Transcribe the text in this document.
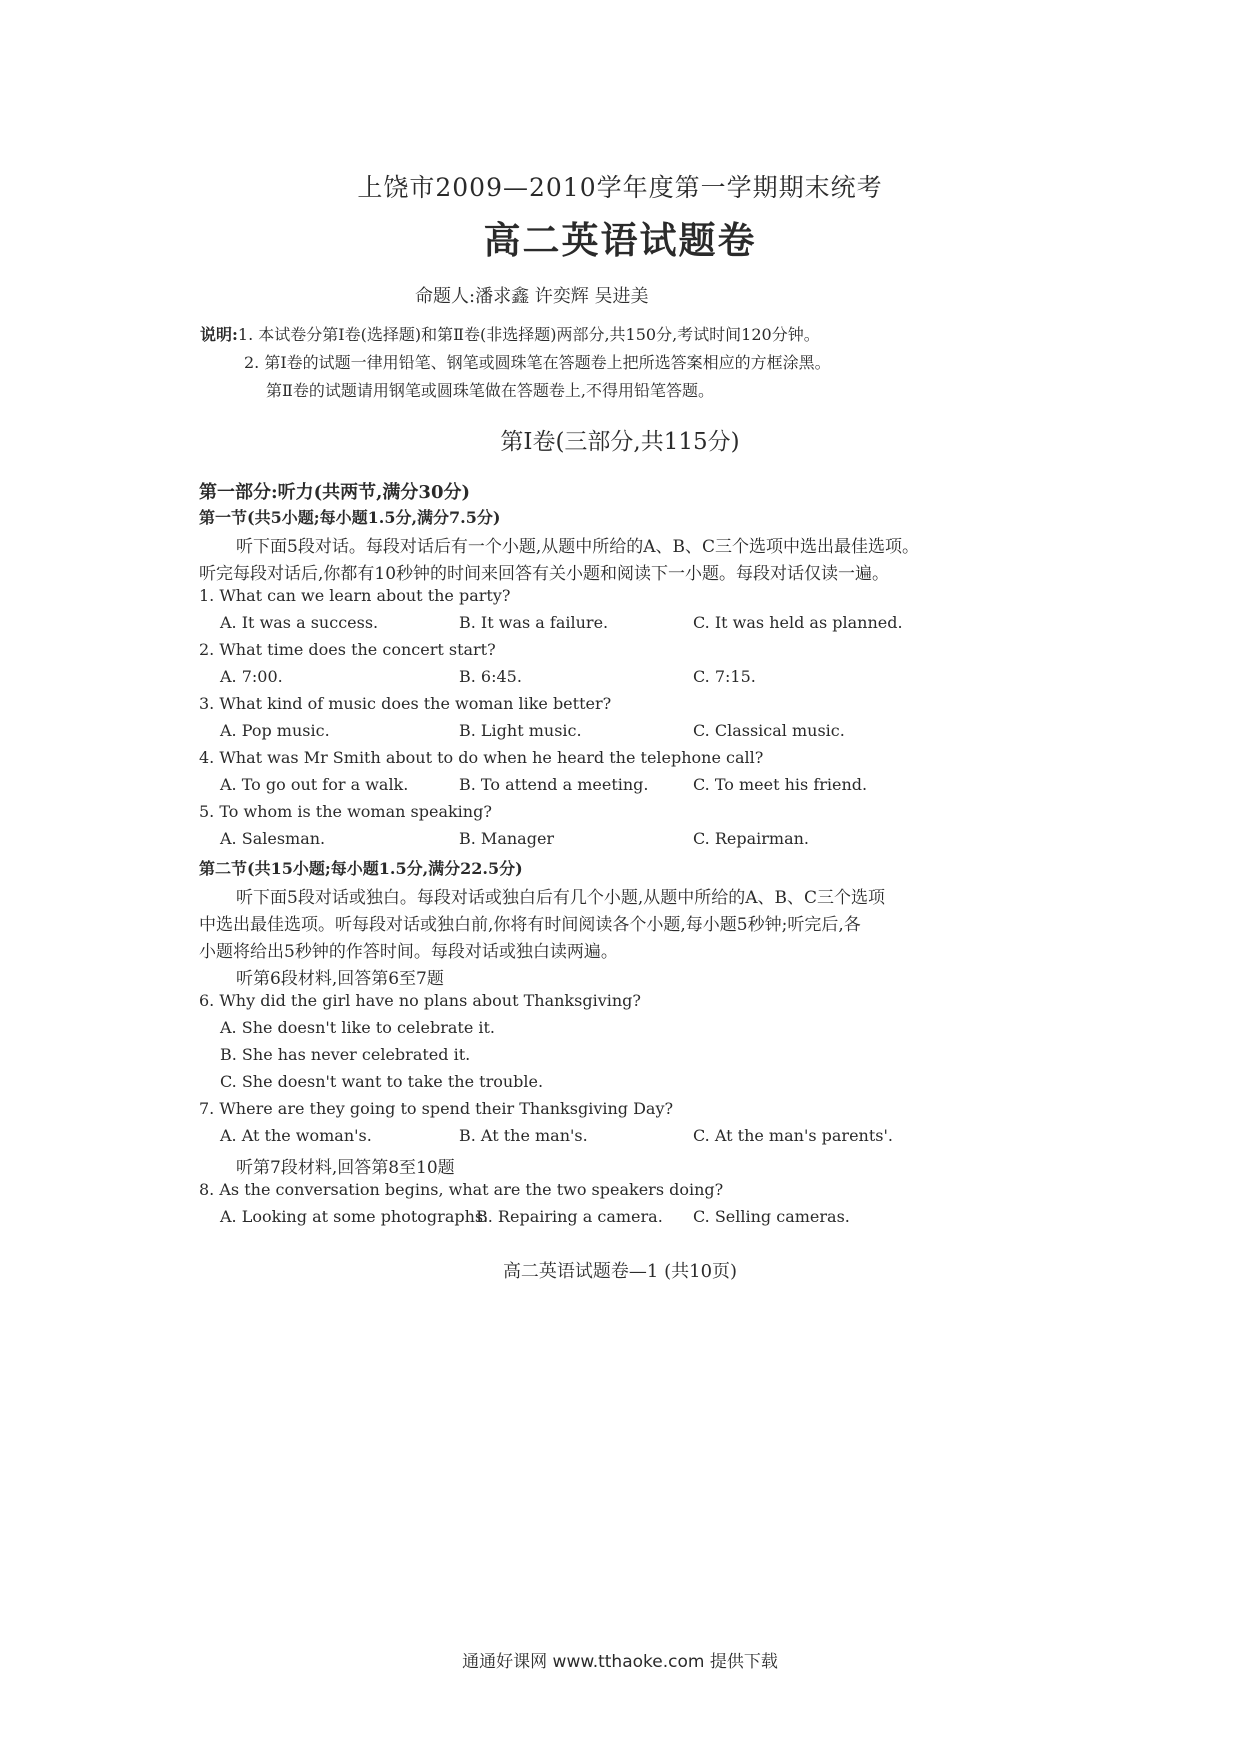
上饶市2009—2010学年度第一学期期末统考
高二英语试题卷
命题人:潘求鑫 许奕辉 吴进美
说明:1. 本试卷分第Ⅰ卷(选择题)和第Ⅱ卷(非选择题)两部分,共150分,考试时间120分钟。
2. 第Ⅰ卷的试题一律用铅笔、钢笔或圆珠笔在答题卷上把所选答案相应的方框涂黑。
第Ⅱ卷的试题请用钢笔或圆珠笔做在答题卷上,不得用铅笔答题。
第Ⅰ卷(三部分,共115分)
第一部分:听力(共两节,满分30分)
第一节(共5小题;每小题1.5分,满分7.5分)
听下面5段对话。每段对话后有一个小题,从题中所给的A、B、C三个选项中选出最佳选项。
听完每段对话后,你都有10秒钟的时间来回答有关小题和阅读下一小题。每段对话仅读一遍。
1. What can we learn about the party?
A. It was a success.	B. It was a failure.	C. It was held as planned.
2. What time does the concert start?
A. 7:00.	B. 6:45.	C. 7:15.
3. What kind of music does the woman like better?
A. Pop music.	B. Light music.	C. Classical music.
4. What was Mr Smith about to do when he heard the telephone call?
A. To go out for a walk.	B. To attend a meeting.	C. To meet his friend.
5. To whom is the woman speaking?
A. Salesman.	B. Manager	C. Repairman.
第二节(共15小题;每小题1.5分,满分22.5分)
听下面5段对话或独白。每段对话或独白后有几个小题,从题中所给的A、B、C三个选项
中选出最佳选项。听每段对话或独白前,你将有时间阅读各个小题,每小题5秒钟;听完后,各
小题将给出5秒钟的作答时间。每段对话或独白读两遍。
听第6段材料,回答第6至7题
6. Why did the girl have no plans about Thanksgiving?
A. She doesn't like to celebrate it.
B. She has never celebrated it.
C. She doesn't want to take the trouble.
7. Where are they going to spend their Thanksgiving Day?
A. At the woman's.	B. At the man's.	C. At the man's parents'.
听第7段材料,回答第8至10题
8. As the conversation begins, what are the two speakers doing?
A. Looking at some photographs.
B. Repairing a camera. C. Selling cameras.
高二英语试题卷—1 (共10页)
通通好课网 www.tthaoke.com 提供下载
